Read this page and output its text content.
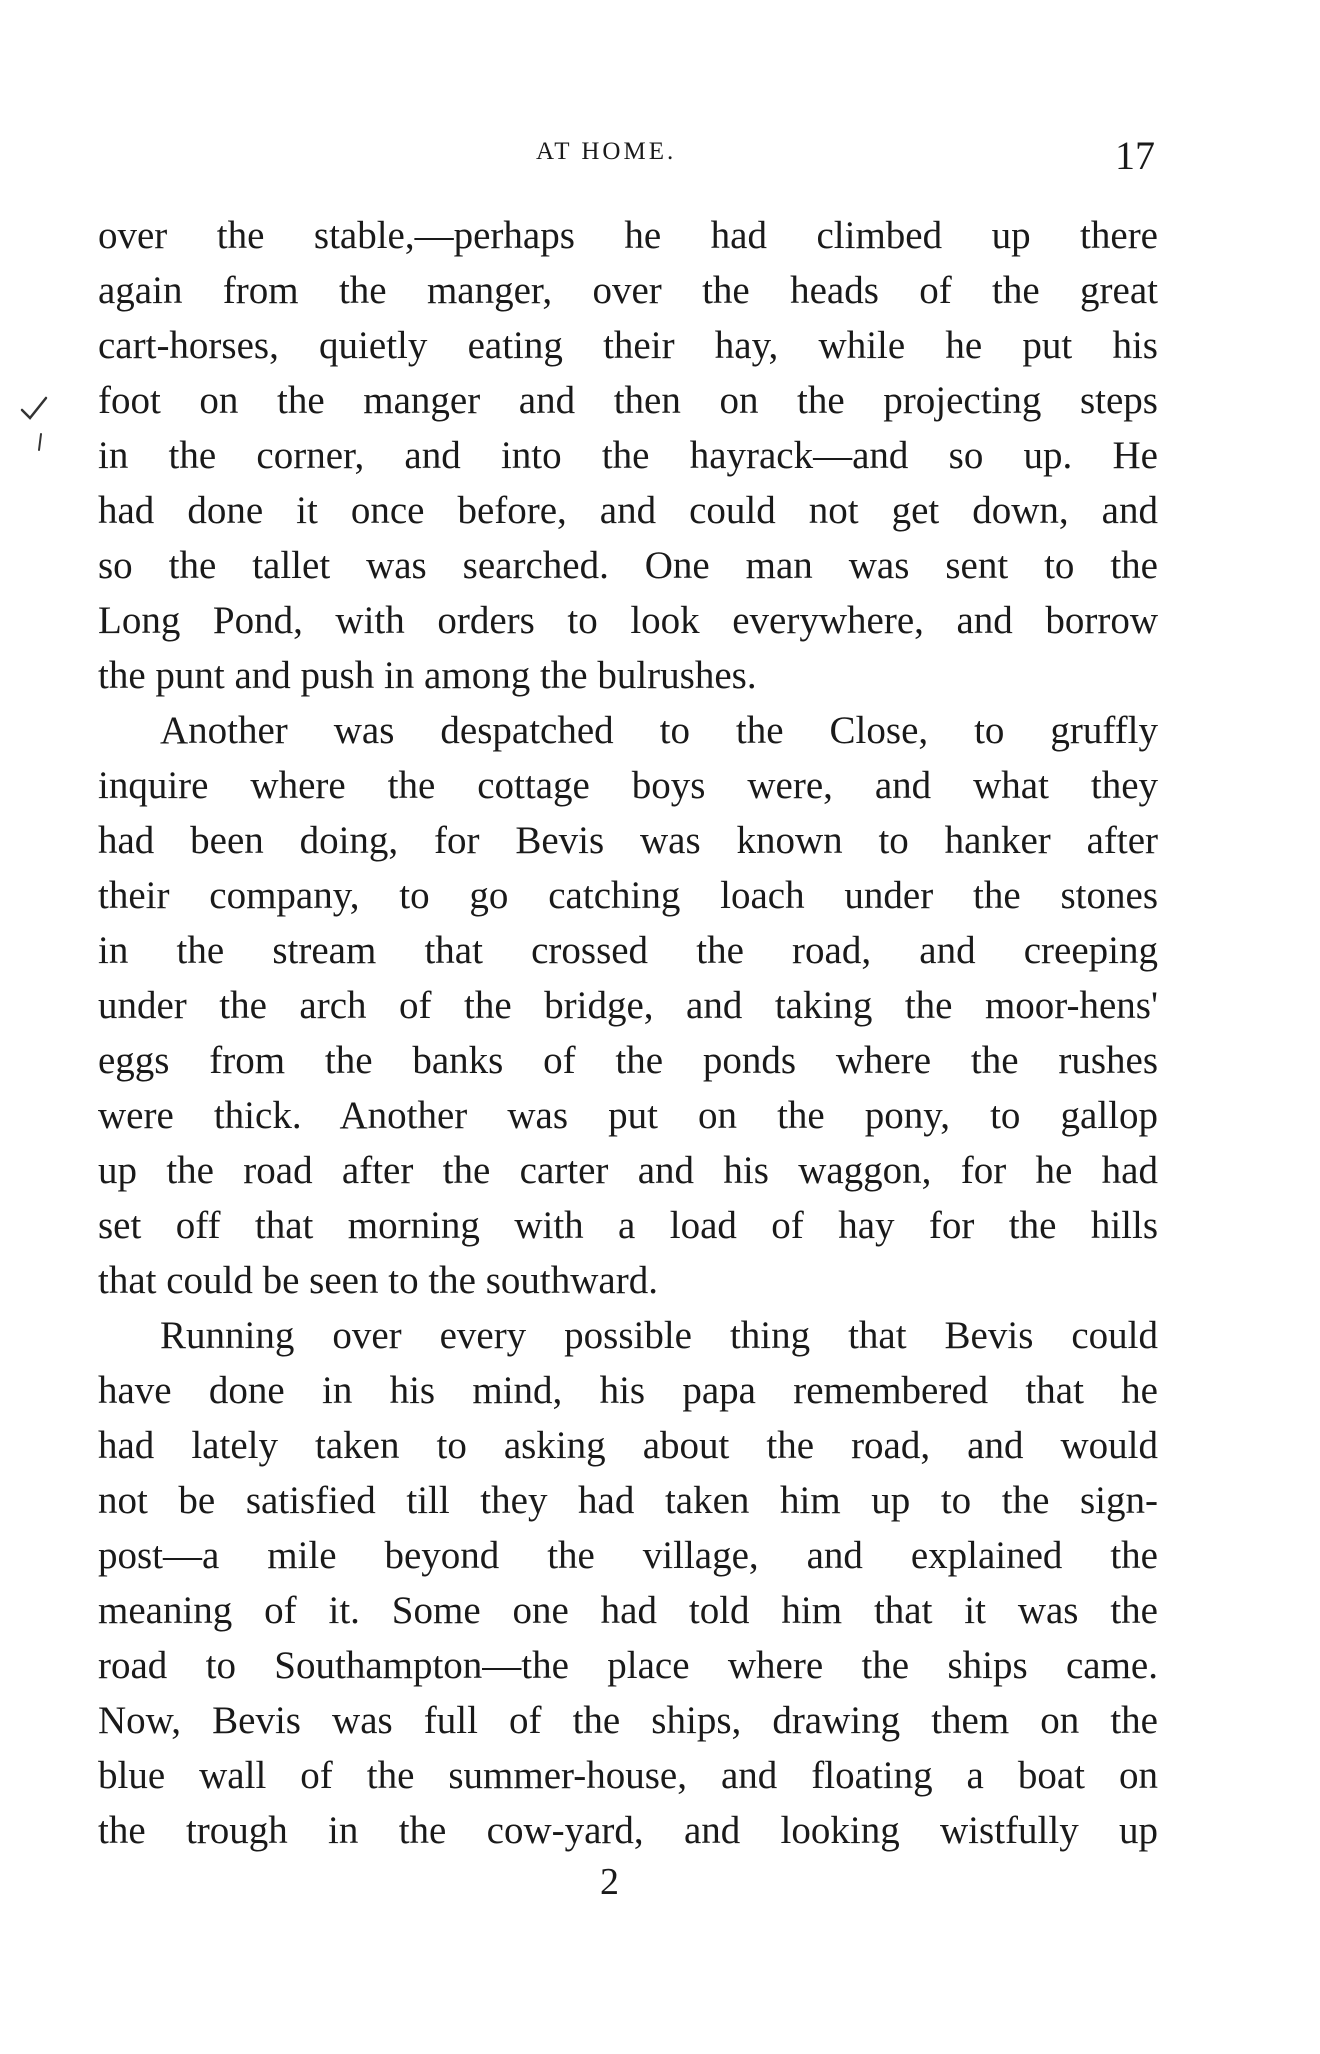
AT HOME.	17
over the stable,—perhaps he had climbed up there
again from the manger, over the heads of the great
cart-horses, quietly eating their hay, while he put his
foot on the manger and then on the projecting steps
in the corner, and into the hayrack—and so up. He
had done it once before, and could not get down, and
so the tallet was searched. One man was sent to the
Long Pond, with orders to look everywhere, and borrow
the punt and push in among the bulrushes.
Another was despatched to the Close, to gruffly
inquire where the cottage boys were, and what they
had been doing, for Bevis was known to hanker after
their company, to go catching loach under the stones
in the stream that crossed the road, and creeping
under the arch of the bridge, and taking the moor-hens'
eggs from the banks of the ponds where the rushes
were thick. Another was put on the pony, to gallop
up the road after the carter and his waggon, for he had
set off that morning with a load of hay for the hills
that could be seen to the southward.
Running over every possible thing that Bevis could
have done in his mind, his papa remembered that he
had lately taken to asking about the road, and would
not be satisfied till they had taken him up to the sign-
post—a mile beyond the village, and explained the
meaning of it. Some one had told him that it was the
road to Southampton—the place where the ships came.
Now, Bevis was full of the ships, drawing them on the
blue wall of the summer-house, and floating a boat on
the trough in the cow-yard, and looking wistfully up
2
